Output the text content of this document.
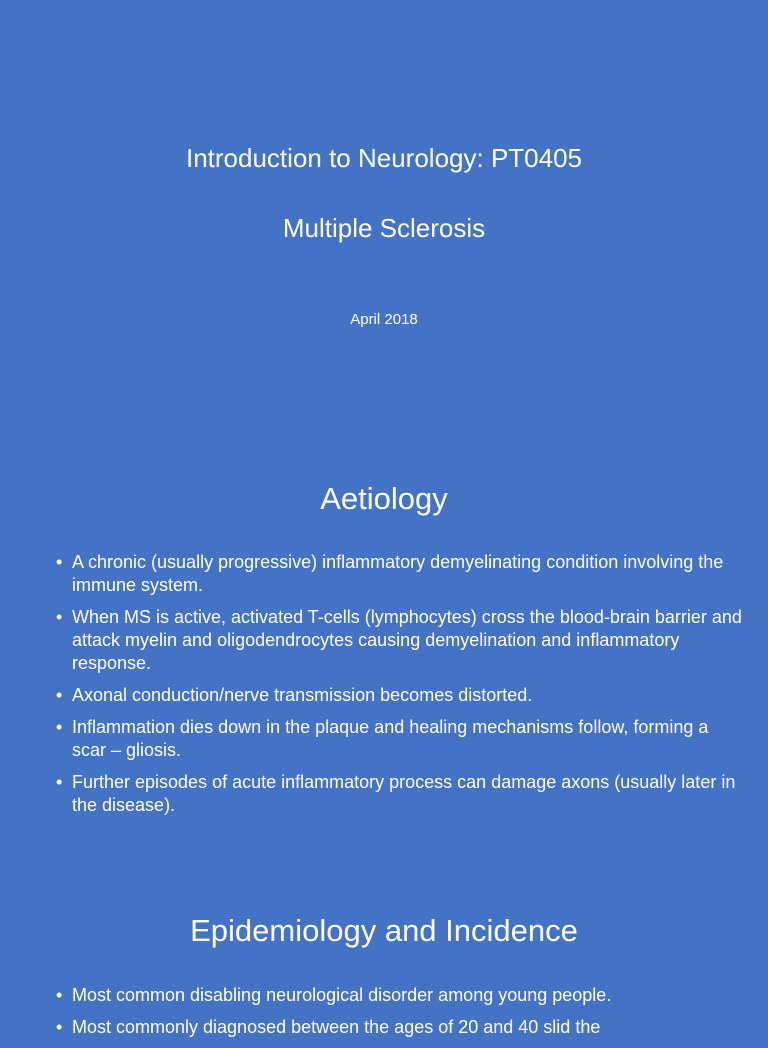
Introduction to Neurology: PT0405
Multiple Sclerosis
April 2018
Aetiology
• A chronic (usually progressive) inflammatory demyelinating condition involving the immune system.
• When MS is active, activated T-cells (lymphocytes) cross the blood-brain barrier and attack myelin and oligodendrocytes causing demyelination and inflammatory response.
• Axonal conduction/nerve transmission becomes distorted.
• Inflammation dies down in the plaque and healing mechanisms follow, forming a scar – gliosis.
• Further episodes of acute inflammatory process can damage axons (usually later in the disease).
Epidemiology and Incidence
• Most common disabling neurological disorder among young people.
• Most commonly diagnosed between the ages of 20 and 40 slid the
